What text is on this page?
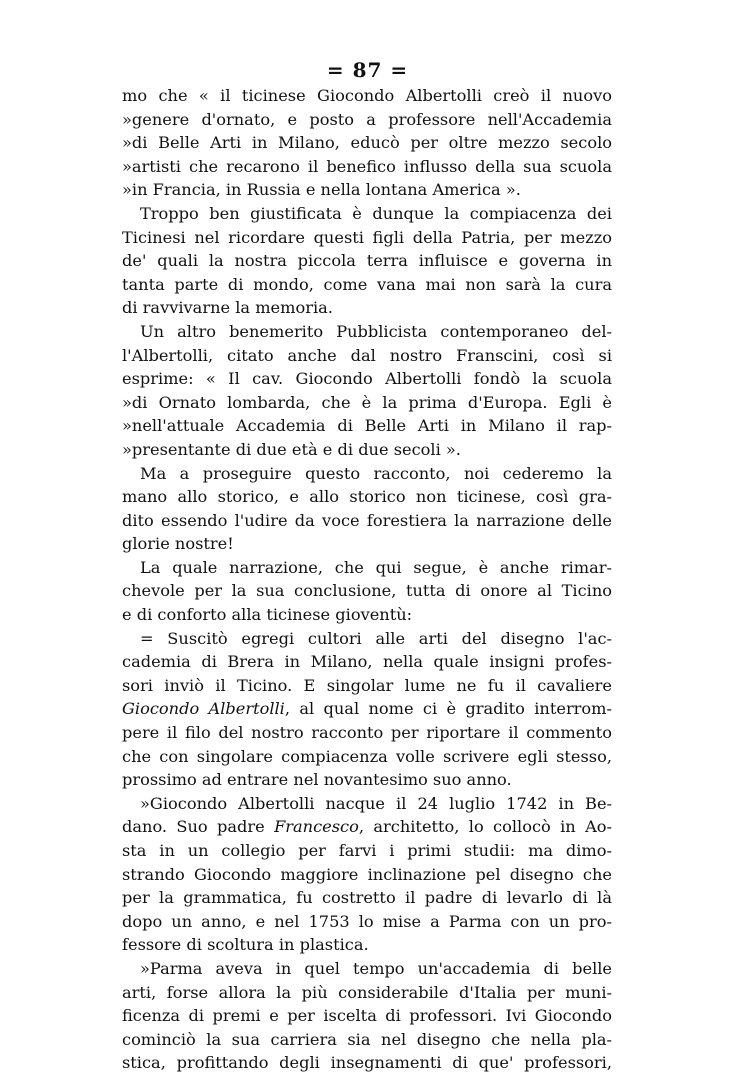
= 87 =
mo che « il ticinese Giocondo Albertolli creò il nuovo
»genere d'ornato, e posto a professore nell'Accademia
»di Belle Arti in Milano, educò per oltre mezzo secolo
»artisti che recarono il benefico influsso della sua scuola
»in Francia, in Russia e nella lontana America ».
Troppo ben giustificata è dunque la compiacenza dei
Ticinesi nel ricordare questi figli della Patria, per mezzo
de' quali la nostra piccola terra influisce e governa in
tanta parte di mondo, come vana mai non sarà la cura
di ravvivarne la memoria.
Un altro benemerito Pubblicista contemporaneo del-
l'Albertolli, citato anche dal nostro Franscini, così si
esprime: « Il cav. Giocondo Albertolli fondò la scuola
»di Ornato lombarda, che è la prima d'Europa. Egli è
»nell'attuale Accademia di Belle Arti in Milano il rap-
»presentante di due età e di due secoli ».
Ma a proseguire questo racconto, noi cederemo la
mano allo storico, e allo storico non ticinese, così gra-
dito essendo l'udire da voce forestiera la narrazione delle
glorie nostre!
La quale narrazione, che qui segue, è anche rimar-
chevole per la sua conclusione, tutta di onore al Ticino
e di conforto alla ticinese gioventù:
= Suscitò egregi cultori alle arti del disegno l'ac-
cademia di Brera in Milano, nella quale insigni profes-
sori inviò il Ticino. E singolar lume ne fu il cavaliere
Giocondo Albertolli, al qual nome ci è gradito interrom-
pere il filo del nostro racconto per riportare il commento
che con singolare compiacenza volle scrivere egli stesso,
prossimo ad entrare nel novantesimo suo anno.
»Giocondo Albertolli nacque il 24 luglio 1742 in Be-
dano. Suo padre Francesco, architetto, lo collocò in Ao-
sta in un collegio per farvi i primi studii: ma dimo-
strando Giocondo maggiore inclinazione pel disegno che
per la grammatica, fu costretto il padre di levarlo di là
dopo un anno, e nel 1753 lo mise a Parma con un pro-
fessore di scoltura in plastica.
»Parma aveva in quel tempo un'accademia di belle
arti, forse allora la più considerabile d'Italia per muni-
ficenza di premi e per iscelta di professori. Ivi Giocondo
cominciò la sua carriera sia nel disegno che nella pla-
stica, profittando degli insegnamenti di que' professori,
